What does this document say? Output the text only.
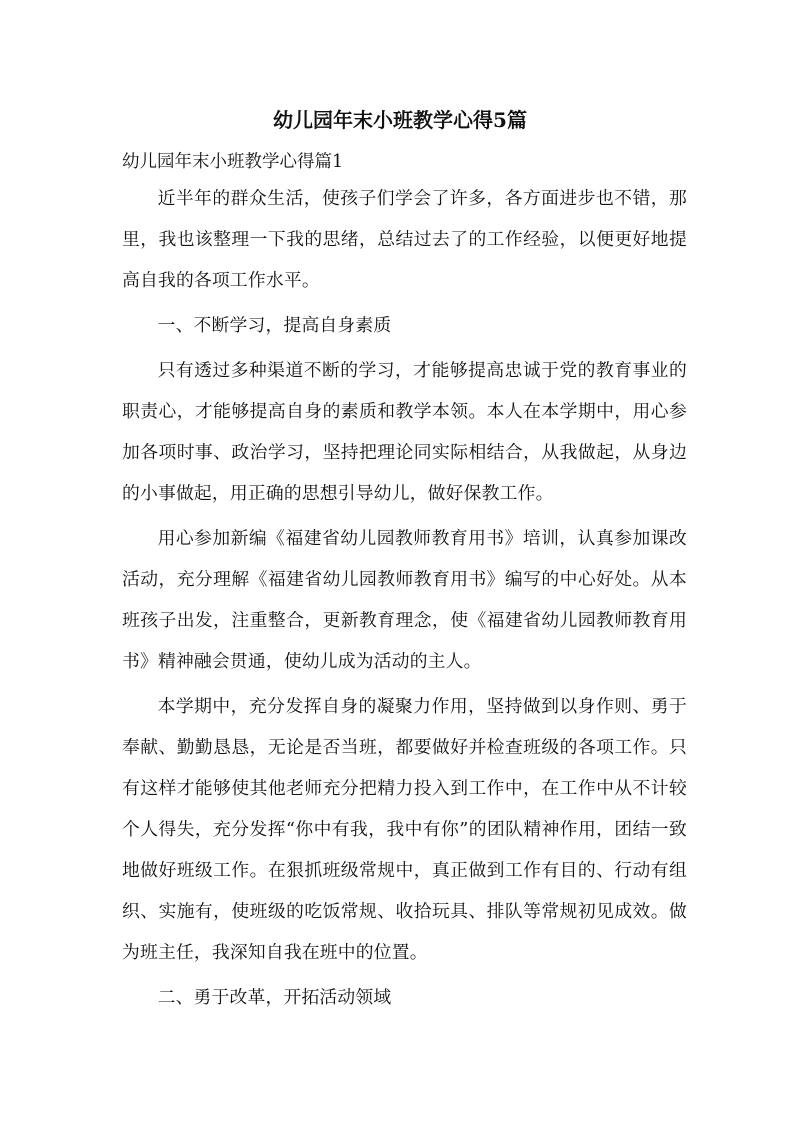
幼儿园年末小班教学心得5篇

幼儿园年末小班教学心得篇1

近半年的群众生活，使孩子们学会了许多，各方面进步也不错，那里，我也该整理一下我的思绪，总结过去了的工作经验，以便更好地提高自我的各项工作水平。

一、不断学习，提高自身素质

只有透过多种渠道不断的学习，才能够提高忠诚于党的教育事业的职责心，才能够提高自身的素质和教学本领。本人在本学期中，用心参加各项时事、政治学习，坚持把理论同实际相结合，从我做起，从身边的小事做起，用正确的思想引导幼儿，做好保教工作。

用心参加新编《福建省幼儿园教师教育用书》培训，认真参加课改活动，充分理解《福建省幼儿园教师教育用书》编写的中心好处。从本班孩子出发，注重整合，更新教育理念，使《福建省幼儿园教师教育用书》精神融会贯通，使幼儿成为活动的主人。

本学期中，充分发挥自身的凝聚力作用，坚持做到以身作则、勇于奉献、勤勤恳恳，无论是否当班，都要做好并检查班级的各项工作。只有这样才能够使其他老师充分把精力投入到工作中，在工作中从不计较个人得失，充分发挥“你中有我，我中有你”的团队精神作用，团结一致地做好班级工作。在狠抓班级常规中，真正做到工作有目的、行动有组织、实施有，使班级的吃饭常规、收拾玩具、排队等常规初见成效。做为班主任，我深知自我在班中的位置。

二、勇于改革，开拓活动领域
